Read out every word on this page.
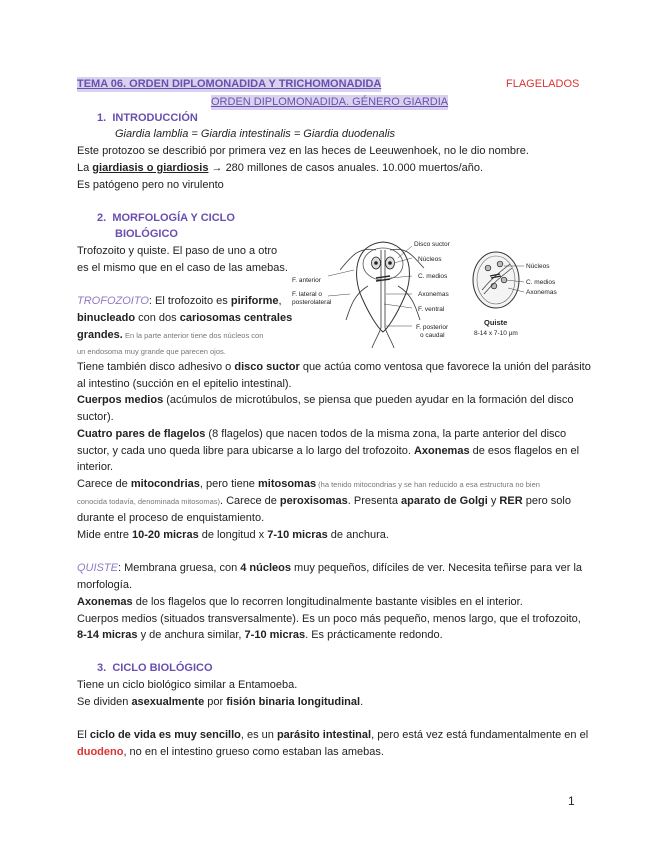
TEMA 06. ORDEN DIPLOMONADIDA Y TRICHOMONADIDA	FLAGELADOS
ORDEN DIPLOMONADIDA. GÉNERO GIARDIA
1. INTRODUCCIÓN
Giardia lamblia = Giardia intestinalis = Giardia duodenalis
Este protozoo se describió por primera vez en las heces de Leeuwenhoek, no le dio nombre.
La giardiasis o giardiosis → 280 millones de casos anuales. 10.000 muertos/año.
Es patógeno pero no virulento
2. MORFOLOGÍA Y CICLO
BIOLÓGICO
Trofozoito y quiste. El paso de uno a otro
es el mismo que en el caso de las amebas.
TROFOZOITO: El trofozoito es piriforme,
binucleado con dos cariosomas centrales
grandes. En la parte anterior tiene dos núcleos con
un endosoma muy grande que parecen ojos.
Tiene también disco adhesivo o disco suctor que actúa como ventosa que favorece la unión del parásito
al intestino (succión en el epitelio intestinal).
Cuerpos medios (acúmulos de microtúbulos, se piensa que pueden ayudar en la formación del disco
suctor).
Cuatro pares de flagelos (8 flagelos) que nacen todos de la misma zona, la parte anterior del disco
suctor, y cada uno queda libre para ubicarse a lo largo del trofozoito. Axonemas de esos flagelos en el
interior.
Carece de mitocondrias, pero tiene mitosomas (ha tenido mitocondrias y se han reducido a esa estructura no bien
conocida todavía, denominada mitosomas). Carece de peroxisomas. Presenta aparato de Golgi y RER pero solo
durante el proceso de enquistamiento.
Mide entre 10-20 micras de longitud x 7-10 micras de anchura.
QUISTE: Membrana gruesa, con 4 núcleos muy pequeños, difíciles de ver. Necesita teñirse para ver la
morfología.
Axonemas de los flagelos que lo recorren longitudinalmente bastante visibles en el interior.
Cuerpos medios (situados transversalmente). Es un poco más pequeño, menos largo, que el trofozoito,
8-14 micras y de anchura similar, 7-10 micras. Es prácticamente redondo.
3. CICLO BIOLÓGICO
Tiene un ciclo biológico similar a Entamoeba.
Se dividen asexualmente por fisión binaria longitudinal.
El ciclo de vida es muy sencillo, es un parásito intestinal, pero está vez está fundamentalmente en el
duodeno, no en el intestino grueso como estaban las amebas.
1
Disco suctor
Núcleos
C. medios
F. anterior
F. lateral o
posterolateral
Axonemas
F. ventral
F. posterior
o caudal
Núcleos
C. medios
Axonemas
Quiste
8-14 x 7-10 µm
